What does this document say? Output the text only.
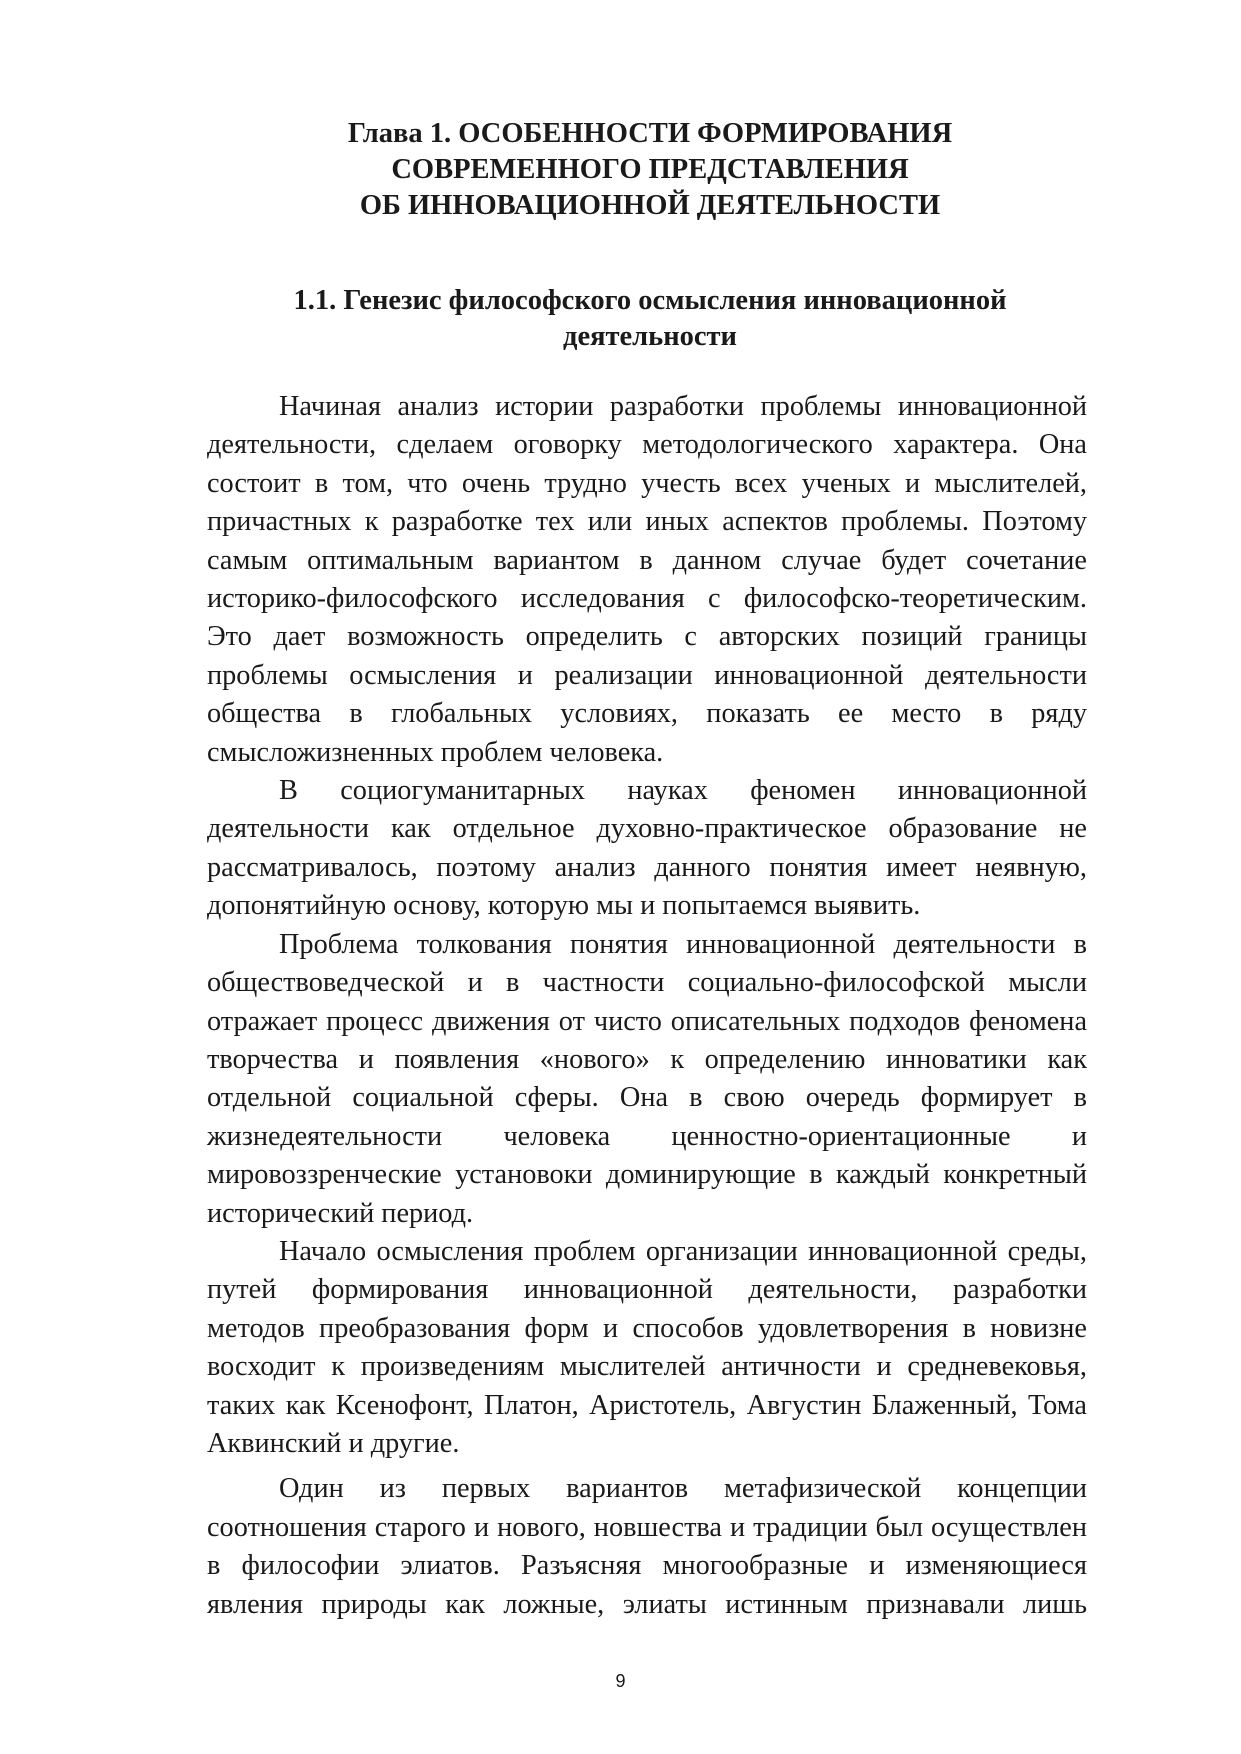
Глава 1. ОСОБЕННОСТИ ФОРМИРОВАНИЯ
СОВРЕМЕННОГО ПРЕДСТАВЛЕНИЯ
ОБ ИННОВАЦИОННОЙ ДЕЯТЕЛЬНОСТИ
1.1. Генезис философского осмысления инновационной
деятельности

Начиная анализ истории разработки проблемы инновационной
деятельности, сделаем оговорку методологического характера. Она
состоит в том, что очень трудно учесть всех ученых и мыслителей,
причастных к разработке тех или иных аспектов проблемы. Поэтому
самым оптимальным вариантом в данном случае будет сочетание
историко-философского исследования с философско-теоретическим.
Это дает возможность определить с авторских позиций границы
проблемы осмысления и реализации инновационной деятельности
общества в глобальных условиях, показать ее место в ряду
смысложизненных проблем человека.

В социогуманитарных науках феномен инновационной
деятельности как отдельное духовно-практическое образование не
рассматривалось, поэтому анализ данного понятия имеет неявную,
допонятийную основу, которую мы и попытаемся выявить.

Проблема толкования понятия инновационной деятельности в
обществоведческой и в частности социально-философской мысли
отражает процесс движения от чисто описательных подходов феномена
творчества и появления «нового» к определению инноватики как
отдельной социальной сферы. Она в свою очередь формирует в
жизнедеятельности человека ценностно-ориентационные и
мировоззренческие установоки доминирующие в каждый конкретный
исторический период.

Начало осмысления проблем организации инновационной среды,
путей формирования инновационной деятельности, разработки
методов преобразования форм и способов удовлетворения в новизне
восходит к произведениям мыслителей античности и средневековья,
таких как Ксенофонт, Платон, Аристотель, Августин Блаженный, Тома
Аквинский и другие.

Один из первых вариантов метафизической концепции
соотношения старого и нового, новшества и традиции был осуществлен
в философии элиатов. Разъясняя многообразные и изменяющиеся
явления природы как ложные, элиаты истинным признавали лишь

9
